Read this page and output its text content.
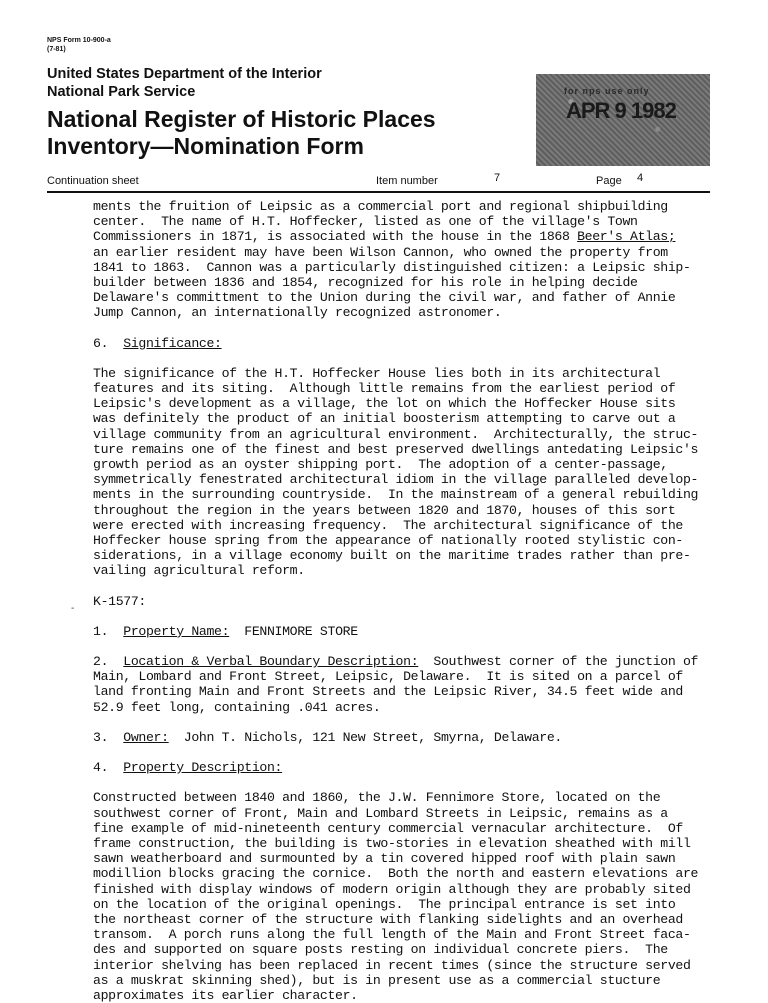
NPS Form 10-900-a
(7-81)
United States Department of the Interior
National Park Service
National Register of Historic Places
Inventory—Nomination Form
for nps use only
APR 9 1982
Continuation sheet	Item number	7	Page 4
-

ments the fruition of Leipsic as a commercial port and regional shipbuilding

center.  The name of H.T. Hoffecker, listed as one of the village's Town

Commissioners in 1871, is associated with the house in the 1868 Beer's Atlas;

an earlier resident may have been Wilson Cannon, who owned the property from

1841 to 1863.  Cannon was a particularly distinguished citizen: a Leipsic ship-

builder between 1836 and 1854, recognized for his role in helping decide

Delaware's committment to the Union during the civil war, and father of Annie

Jump Cannon, an internationally recognized astronomer.

6.  Significance:

The significance of the H.T. Hoffecker House lies both in its architectural

features and its siting.  Although little remains from the earliest period of

Leipsic's development as a village, the lot on which the Hoffecker House sits

was definitely the product of an initial boosterism attempting to carve out a

village community from an agricultural environment.  Architecturally, the struc-

ture remains one of the finest and best preserved dwellings antedating Leipsic's

growth period as an oyster shipping port.  The adoption of a center-passage,

symmetrically fenestrated architectural idiom in the village paralleled develop-

ments in the surrounding countryside.  In the mainstream of a general rebuilding

throughout the region in the years between 1820 and 1870, houses of this sort

were erected with increasing frequency.  The architectural significance of the

Hoffecker house spring from the appearance of nationally rooted stylistic con-

siderations, in a village economy built on the maritime trades rather than pre-

vailing agricultural reform.

K-1577:

1.  Property Name:  FENNIMORE STORE

2.  Location & Verbal Boundary Description:  Southwest corner of the junction of

Main, Lombard and Front Street, Leipsic, Delaware.  It is sited on a parcel of

land fronting Main and Front Streets and the Leipsic River, 34.5 feet wide and

52.9 feet long, containing .041 acres.

3.  Owner:  John T. Nichols, 121 New Street, Smyrna, Delaware.

4.  Property Description:

Constructed between 1840 and 1860, the J.W. Fennimore Store, located on the

southwest corner of Front, Main and Lombard Streets in Leipsic, remains as a

fine example of mid-nineteenth century commercial vernacular architecture.  Of

frame construction, the building is two-stories in elevation sheathed with mill

sawn weatherboard and surmounted by a tin covered hipped roof with plain sawn

modillion blocks gracing the cornice.  Both the north and eastern elevations are

finished with display windows of modern origin although they are probably sited

on the location of the original openings.  The principal entrance is set into

the northeast corner of the structure with flanking sidelights and an overhead

transom.  A porch runs along the full length of the Main and Front Street faca-

des and supported on square posts resting on individual concrete piers.  The

interior shelving has been replaced in recent times (since the structure served

as a muskrat skinning shed), but is in present use as a commercial stucture

approximates its earlier character.
